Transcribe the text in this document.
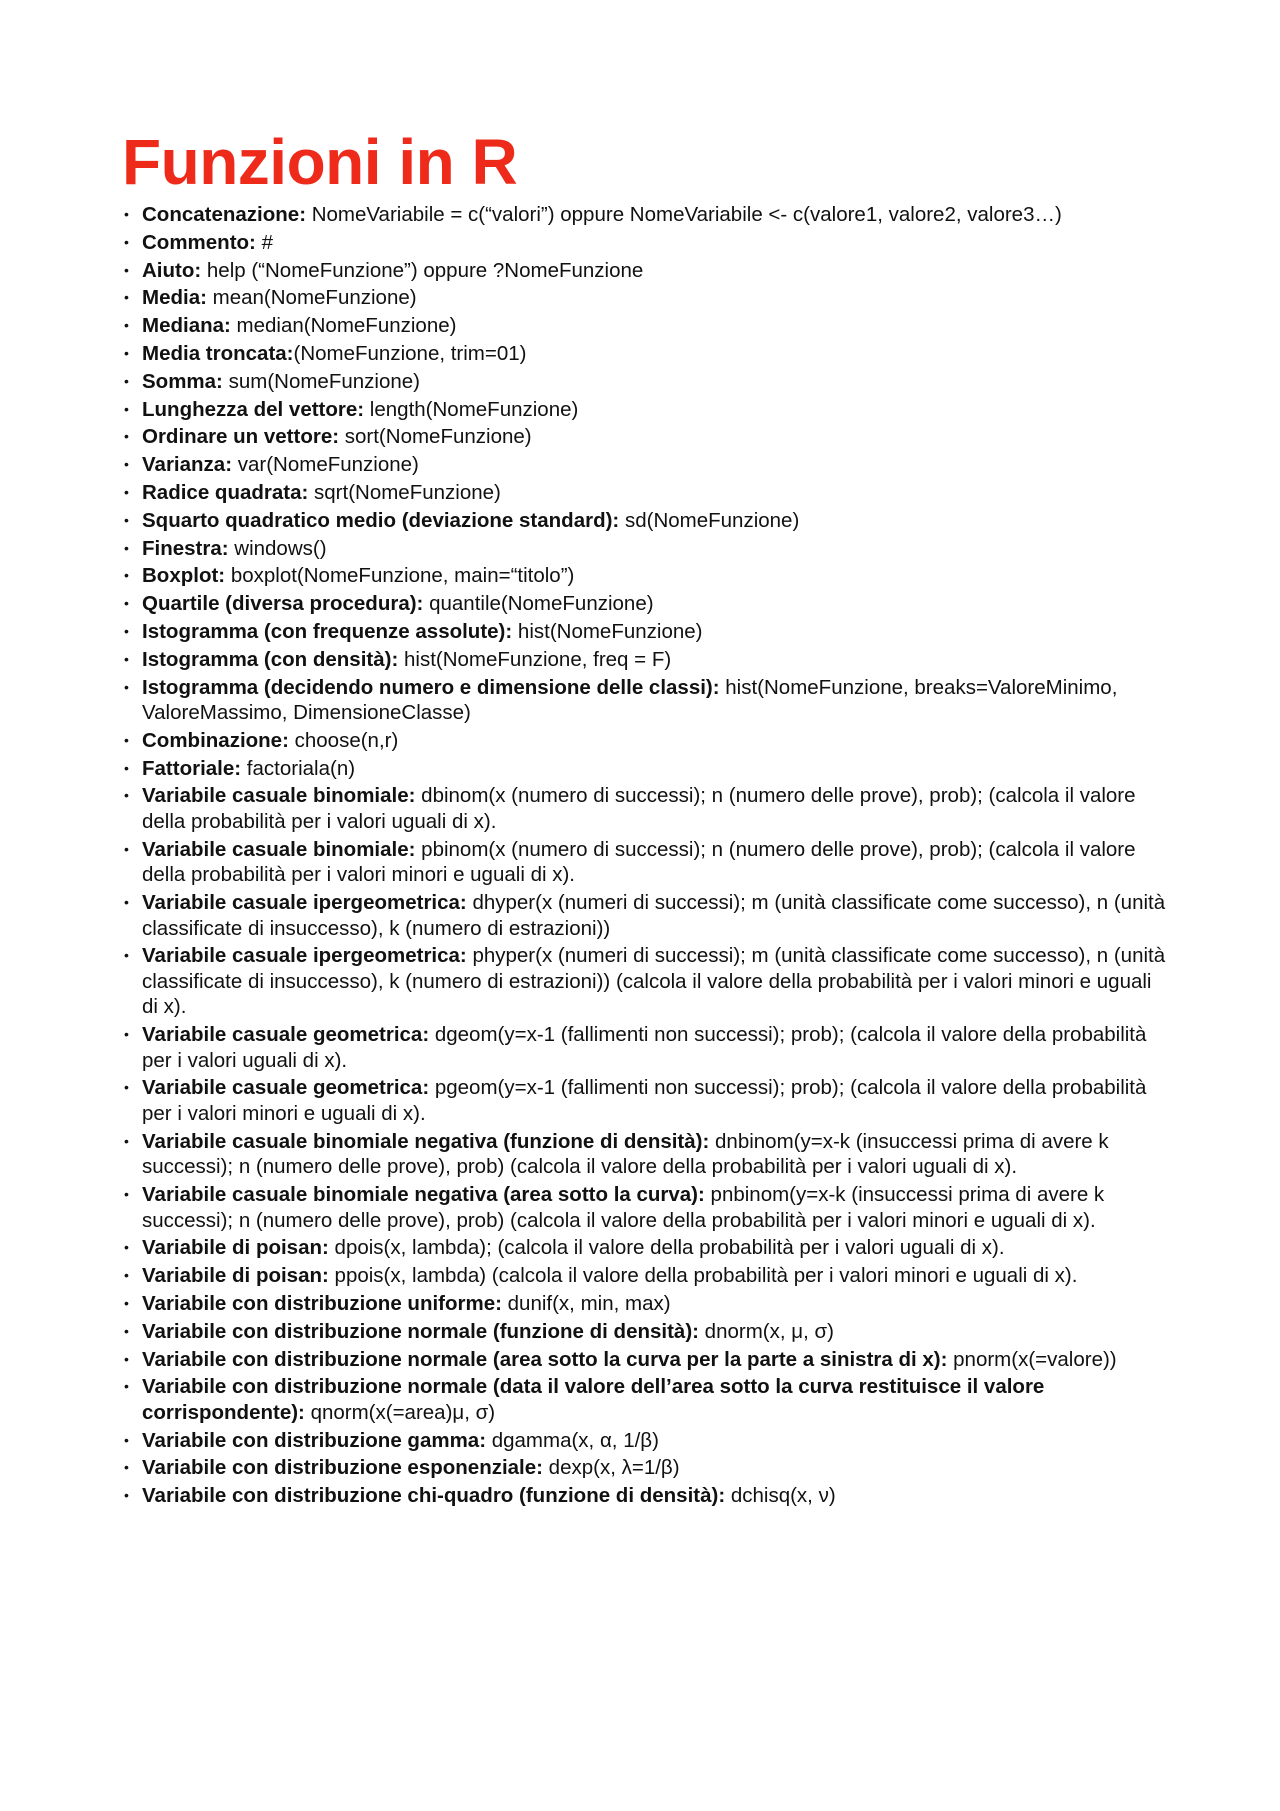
Funzioni in R
• Concatenazione: NomeVariabile = c(“valori”) oppure NomeVariabile <- c(valore1, valore2, valore3…)
• Commento: #
• Aiuto: help (“NomeFunzione”) oppure ?NomeFunzione
• Media: mean(NomeFunzione)
• Mediana: median(NomeFunzione)
• Media troncata:(NomeFunzione, trim=01)
• Somma: sum(NomeFunzione)
• Lunghezza del vettore: length(NomeFunzione)
• Ordinare un vettore: sort(NomeFunzione)
• Varianza: var(NomeFunzione)
• Radice quadrata: sqrt(NomeFunzione)
• Squarto quadratico medio (deviazione standard): sd(NomeFunzione)
• Finestra: windows()
• Boxplot: boxplot(NomeFunzione, main=“titolo”)
• Quartile (diversa procedura): quantile(NomeFunzione)
• Istogramma (con frequenze assolute): hist(NomeFunzione)
• Istogramma (con densità): hist(NomeFunzione, freq = F)
• Istogramma (decidendo numero e dimensione delle classi): hist(NomeFunzione, breaks=ValoreMinimo, ValoreMassimo, DimensioneClasse)
• Combinazione: choose(n,r)
• Fattoriale: factoriala(n)
• Variabile casuale binomiale: dbinom(x (numero di successi); n (numero delle prove), prob); (calcola il valore della probabilità per i valori uguali di x).
• Variabile casuale binomiale: pbinom(x (numero di successi); n (numero delle prove), prob); (calcola il valore della probabilità per i valori minori e uguali di x).
• Variabile casuale ipergeometrica: dhyper(x (numeri di successi); m (unità classificate come successo), n (unità classificate di insuccesso), k (numero di estrazioni))
• Variabile casuale ipergeometrica: phyper(x (numeri di successi); m (unità classificate come successo), n (unità classificate di insuccesso), k (numero di estrazioni)) (calcola il valore della probabilità per i valori minori e uguali di x).
• Variabile casuale geometrica: dgeom(y=x-1 (fallimenti non successi); prob); (calcola il valore della probabilità per i valori uguali di x).
• Variabile casuale geometrica: pgeom(y=x-1 (fallimenti non successi); prob); (calcola il valore della probabilità per i valori minori e uguali di x).
• Variabile casuale binomiale negativa (funzione di densità): dnbinom(y=x-k (insuccessi prima di avere k successi); n (numero delle prove), prob) (calcola il valore della probabilità per i valori uguali di x).
• Variabile casuale binomiale negativa (area sotto la curva): pnbinom(y=x-k (insuccessi prima di avere k successi); n (numero delle prove), prob) (calcola il valore della probabilità per i valori minori e uguali di x).
• Variabile di poisan: dpois(x, lambda); (calcola il valore della probabilità per i valori uguali di x).
• Variabile di poisan: ppois(x, lambda) (calcola il valore della probabilità per i valori minori e uguali di x).
• Variabile con distribuzione uniforme: dunif(x, min, max)
• Variabile con distribuzione normale (funzione di densità): dnorm(x, μ, σ)
• Variabile con distribuzione normale (area sotto la curva per la parte a sinistra di x): pnorm(x(=valore))
• Variabile con distribuzione normale (data il valore dell’area sotto la curva restituisce il valore corrispondente): qnorm(x(=area)μ, σ)
• Variabile con distribuzione gamma: dgamma(x, α, 1/β)
• Variabile con distribuzione esponenziale: dexp(x, λ=1/β)
• Variabile con distribuzione chi-quadro (funzione di densità): dchisq(x, ν)
